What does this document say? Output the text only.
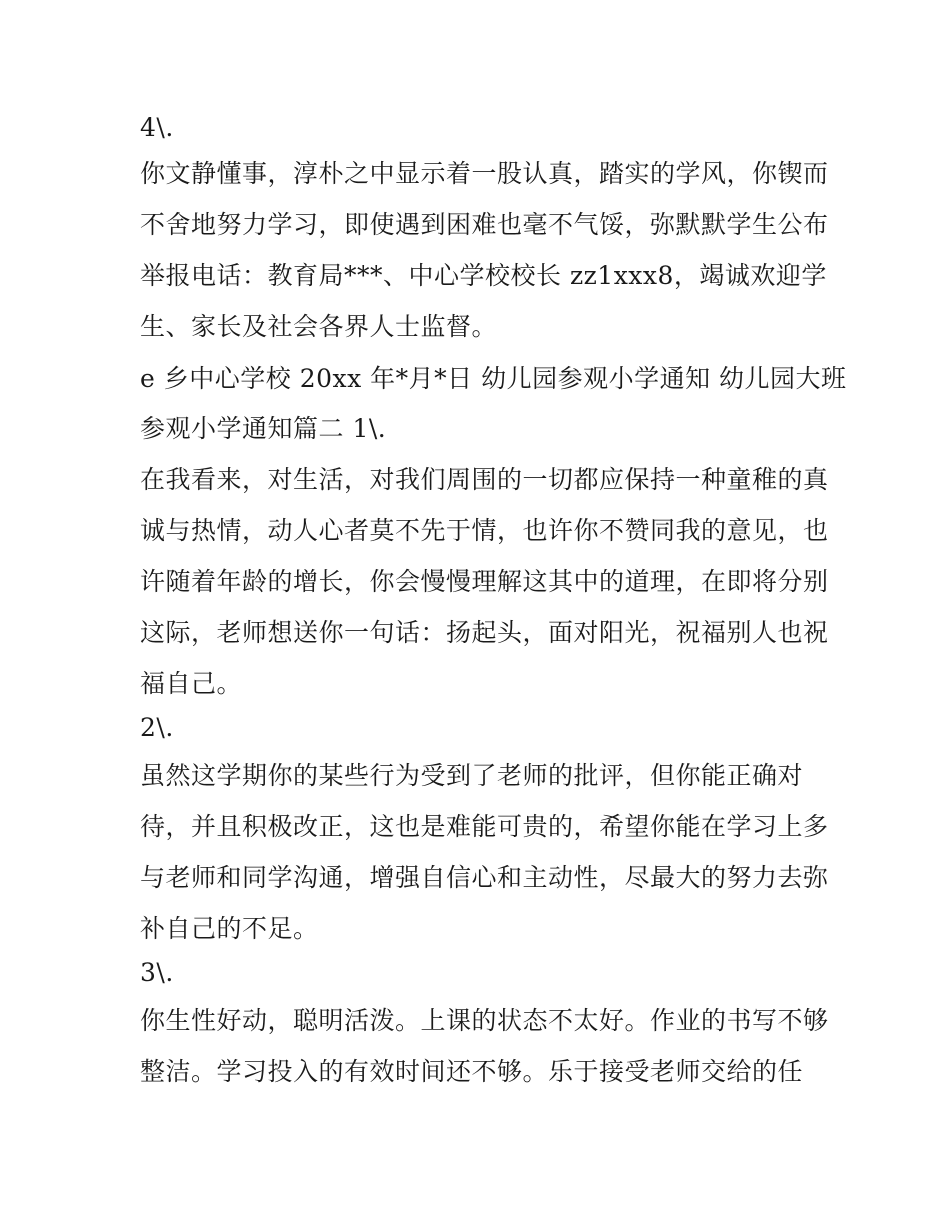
4\.
你文静懂事，淳朴之中显示着一股认真，踏实的学风，你锲而
不舍地努力学习，即使遇到困难也毫不气馁，弥默默学生公布
举报电话：教育局***、中心学校校长 zz1xxx8，竭诚欢迎学
生、家长及社会各界人士监督。
e 乡中心学校 20xx 年*月*日 幼儿园参观小学通知 幼儿园大班
参观小学通知篇二 1\.
在我看来，对生活，对我们周围的一切都应保持一种童稚的真
诚与热情，动人心者莫不先于情，也许你不赞同我的意见，也
许随着年龄的增长，你会慢慢理解这其中的道理，在即将分别
这际，老师想送你一句话：扬起头，面对阳光，祝福别人也祝
福自己。
2\.
虽然这学期你的某些行为受到了老师的批评，但你能正确对
待，并且积极改正，这也是难能可贵的，希望你能在学习上多
与老师和同学沟通，增强自信心和主动性，尽最大的努力去弥
补自己的不足。
3\.
你生性好动，聪明活泼。上课的状态不太好。作业的书写不够
整洁。学习投入的有效时间还不够。乐于接受老师交给的任
